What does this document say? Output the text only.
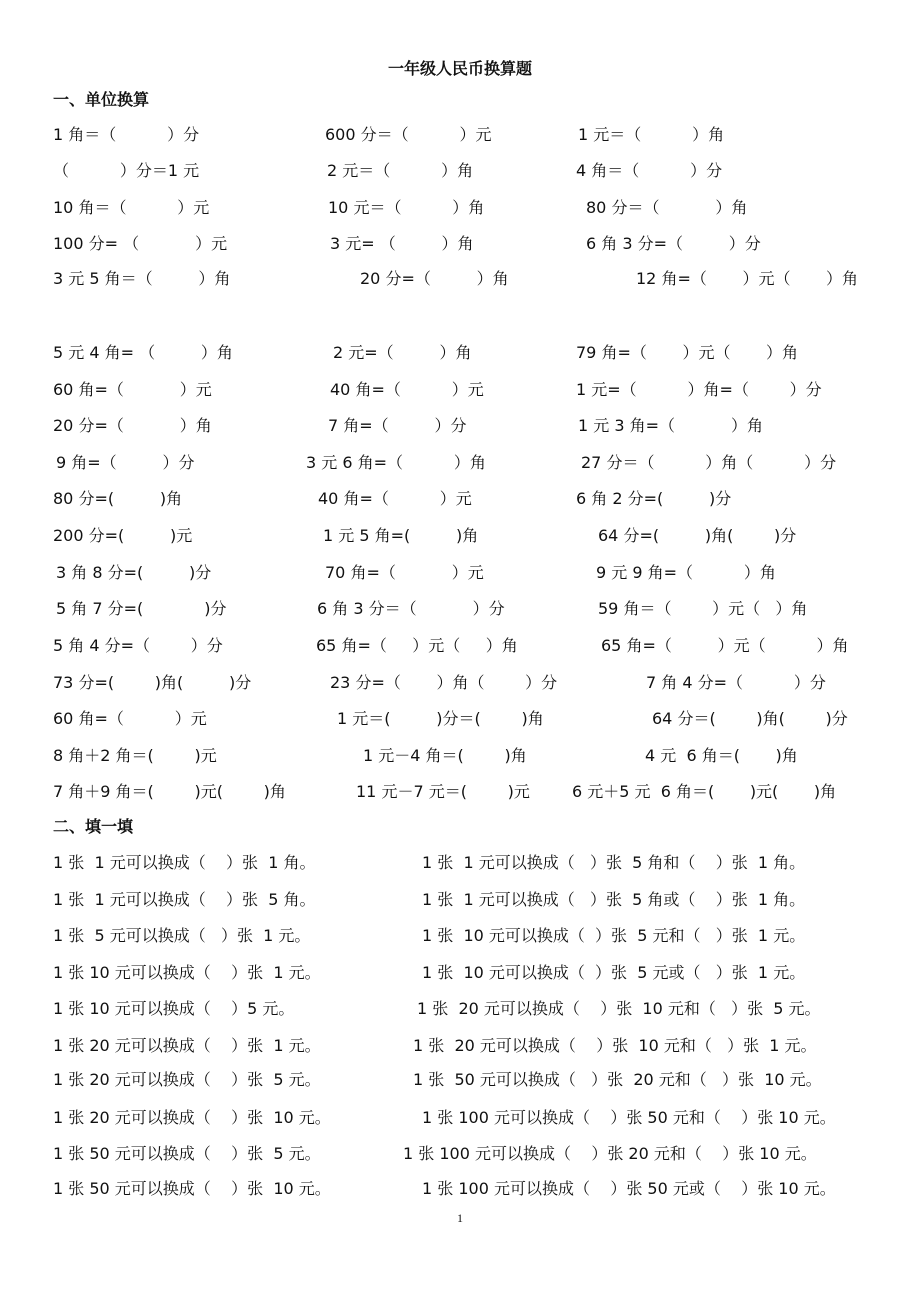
一年级人民币换算题
一、单位换算
1 角＝（          ）分	600 分＝（          ）元	1 元＝（          ）角
（          ）分＝1 元	2 元＝（          ）角	4 角＝（          ）分
10 角＝（          ）元	10 元＝（          ）角	80 分＝（           ）角
100 分= （           ）元	3 元= （         ）角	6 角 3 分=（         ）分
3 元 5 角＝（         ）角	20 分=（         ）角	12 角=（       ）元（       ）角
5 元 4 角= （         ）角	2 元=（         ）角	79 角=（       ）元（       ）角
60 角=（           ）元	40 角=（          ）元	1 元=（          ）角=（        ）分
20 分=（           ）角	7 角=（         ）分	1 元 3 角=（           ）角
9 角=（         ）分	3 元 6 角=（          ）角	27 分＝（          ）角（          ）分
80 分=(         )角	40 角=（          ）元	6 角 2 分=(         )分
200 分=(         )元	1 元 5 角=(         )角	64 分=(         )角(        )分
3 角 8 分=(         )分	70 角=（           ）元	9 元 9 角=（          ）角
5 角 7 分=(            )分	6 角 3 分＝（           ）分	59 角＝（        ）元（   ）角
5 角 4 分=（        ）分	65 角=（     ）元（     ）角	65 角=（         ）元（          ）角
73 分=(        )角(         )分	23 分=（       ）角（        ）分	7 角 4 分=（          ）分
60 角=（          ）元	1 元＝(         )分＝(        )角	64 分＝(        )角(        )分
8 角＋2 角＝(        )元	1 元－4 角＝(        )角	4 元  6 角＝(       )角
7 角＋9 角＝(        )元(        )角	11 元－7 元＝(        )元	6 元＋5 元  6 角＝(       )元(       )角
二、填一填
1 张  1 元可以换成（    ）张  1 角。	1 张  1 元可以换成（   ）张  5 角和（    ）张  1 角。
1 张  1 元可以换成（    ）张  5 角。	1 张  1 元可以换成（   ）张  5 角或（    ）张  1 角。
1 张  5 元可以换成（   ）张  1 元。	1 张  10 元可以换成（  ）张  5 元和（   ）张  1 元。
1 张 10 元可以换成（    ）张  1 元。	1 张  10 元可以换成（  ）张  5 元或（   ）张  1 元。
1 张 10 元可以换成（    ）5 元。	1 张  20 元可以换成（    ）张  10 元和（   ）张  5 元。
1 张 20 元可以换成（    ）张  1 元。	1 张  20 元可以换成（    ）张  10 元和（   ）张  1 元。
1 张 20 元可以换成（    ）张  5 元。	1 张  50 元可以换成（   ）张  20 元和（   ）张  10 元。
1 张 20 元可以换成（    ）张  10 元。	1 张 100 元可以换成（    ）张 50 元和（    ）张 10 元。
1 张 50 元可以换成（    ）张  5 元。	1 张 100 元可以换成（    ）张 20 元和（    ）张 10 元。
1 张 50 元可以换成（    ）张  10 元。	1 张 100 元可以换成（    ）张 50 元或（    ）张 10 元。
1
